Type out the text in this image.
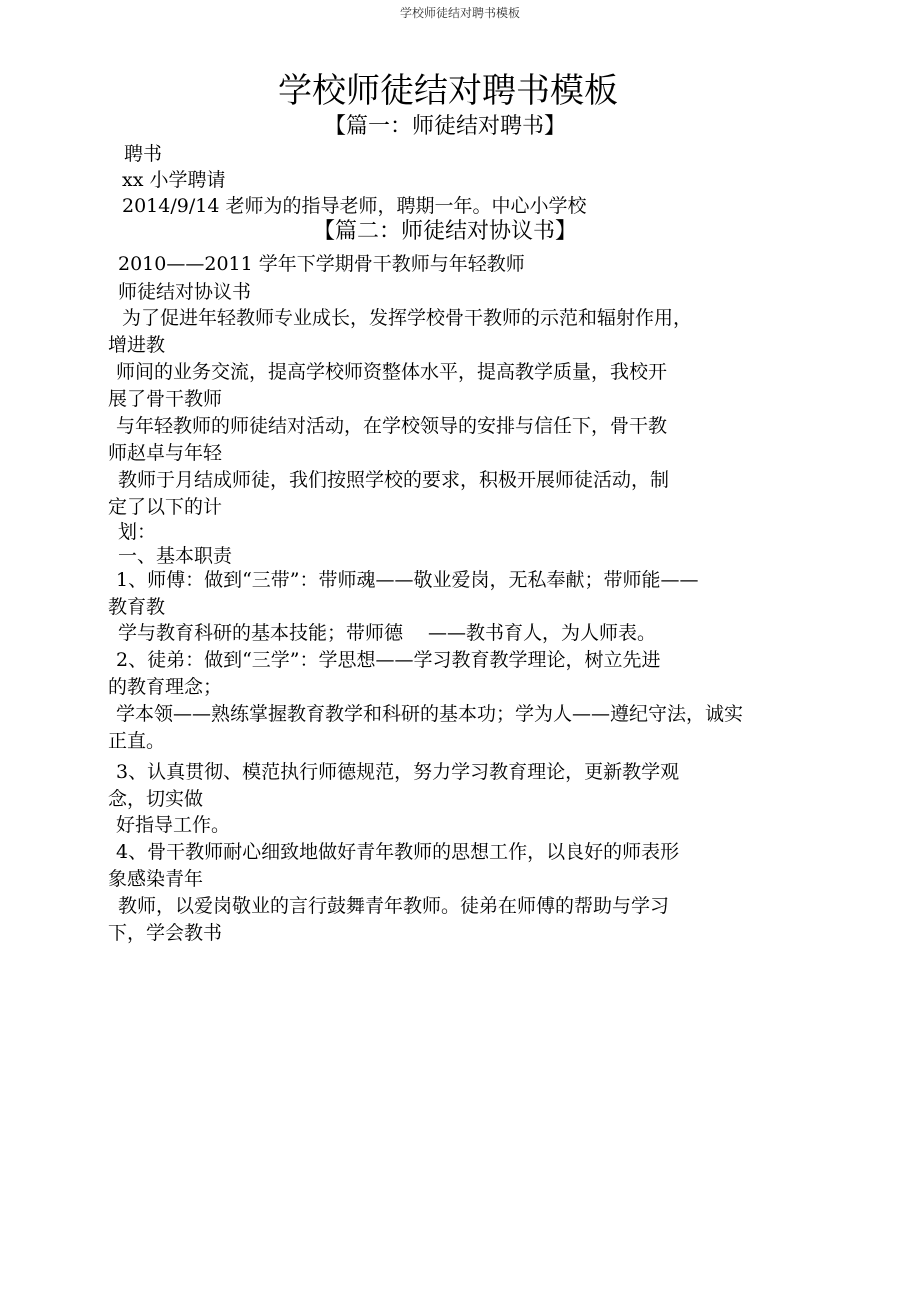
学校师徒结对聘书模板
学校师徒结对聘书模板
【篇一：师徒结对聘书】

聘书

xx 小学聘请

2014/9/14 老师为的指导老师，聘期一年。中心小学校

【篇二：师徒结对协议书】

2010——2011 学年下学期骨干教师与年轻教师

师徒结对协议书

为了促进年轻教师专业成长，发挥学校骨干教师的示范和辐射作用，

增进教

师间的业务交流，提高学校师资整体水平，提高教学质量，我校开

展了骨干教师

与年轻教师的师徒结对活动，在学校领导的安排与信任下，骨干教

师赵卓与年轻

教师于月结成师徒，我们按照学校的要求，积极开展师徒活动，制

定了以下的计

划：

一、基本职责

1、师傅：做到“三带”：带师魂——敬业爱岗，无私奉献；带师能——

教育教

学与教育科研的基本技能；带师德　 ——教书育人，为人师表。

2、徒弟：做到“三学”：学思想——学习教育教学理论，树立先进

的教育理念；

学本领——熟练掌握教育教学和科研的基本功；学为人——遵纪守法，诚实

正直。

3、认真贯彻、模范执行师德规范，努力学习教育理论，更新教学观

念，切实做

好指导工作。

4、骨干教师耐心细致地做好青年教师的思想工作，以良好的师表形

象感染青年

教师，以爱岗敬业的言行鼓舞青年教师。徒弟在师傅的帮助与学习

下，学会教书
